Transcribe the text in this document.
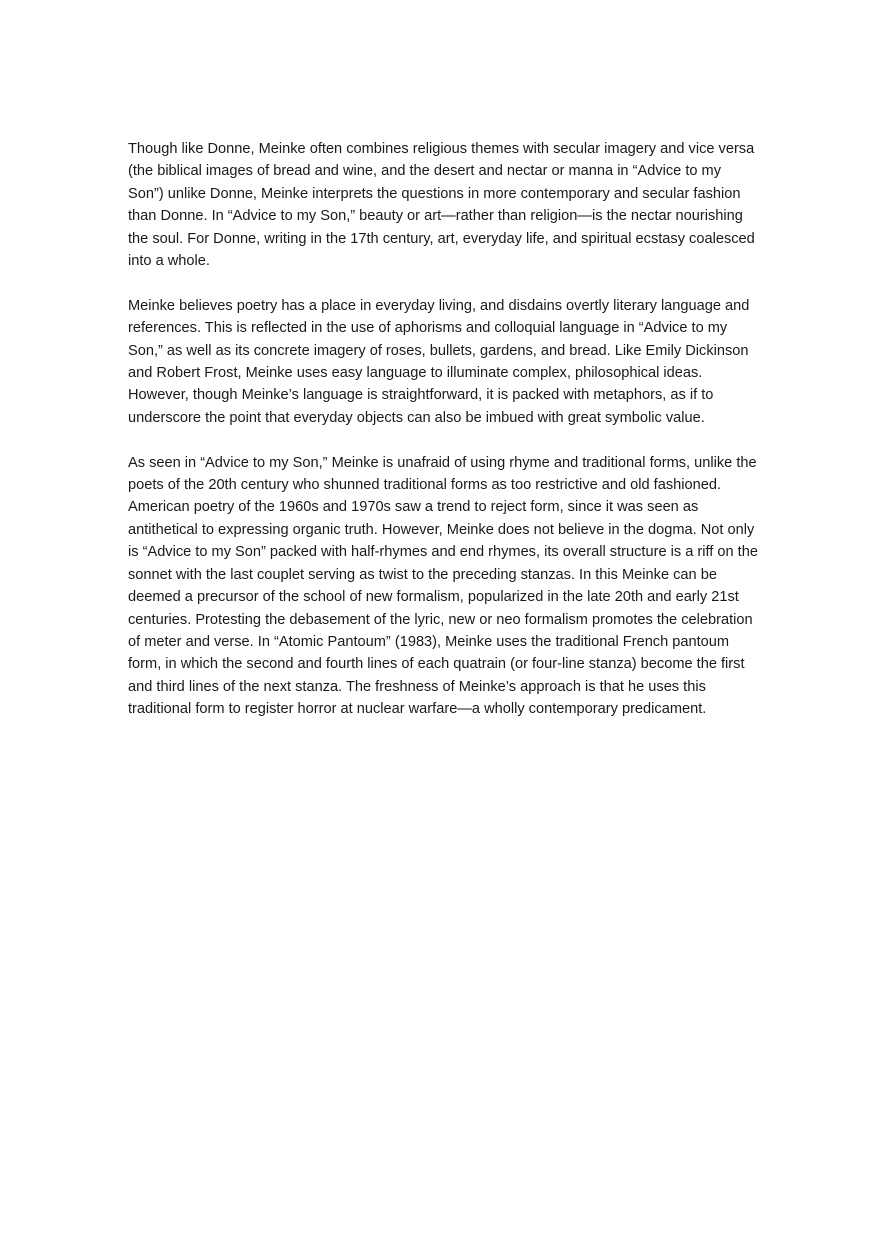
Though like Donne, Meinke often combines religious themes with secular imagery and vice versa (the biblical images of bread and wine, and the desert and nectar or manna in “Advice to my Son”) unlike Donne, Meinke interprets the questions in more contemporary and secular fashion than Donne. In “Advice to my Son,” beauty or art—rather than religion—is the nectar nourishing the soul. For Donne, writing in the 17th century, art, everyday life, and spiritual ecstasy coalesced into a whole.

Meinke believes poetry has a place in everyday living, and disdains overtly literary language and references. This is reflected in the use of aphorisms and colloquial language in “Advice to my Son,” as well as its concrete imagery of roses, bullets, gardens, and bread. Like Emily Dickinson and Robert Frost, Meinke uses easy language to illuminate complex, philosophical ideas. However, though Meinke’s language is straightforward, it is packed with metaphors, as if to underscore the point that everyday objects can also be imbued with great symbolic value.

As seen in “Advice to my Son,” Meinke is unafraid of using rhyme and traditional forms, unlike the poets of the 20th century who shunned traditional forms as too restrictive and old fashioned. American poetry of the 1960s and 1970s saw a trend to reject form, since it was seen as antithetical to expressing organic truth. However, Meinke does not believe in the dogma. Not only is “Advice to my Son” packed with half-rhymes and end rhymes, its overall structure is a riff on the sonnet with the last couplet serving as twist to the preceding stanzas. In this Meinke can be deemed a precursor of the school of new formalism, popularized in the late 20th and early 21st centuries. Protesting the debasement of the lyric, new or neo formalism promotes the celebration of meter and verse. In “Atomic Pantoum” (1983), Meinke uses the traditional French pantoum form, in which the second and fourth lines of each quatrain (or four-line stanza) become the first and third lines of the next stanza. The freshness of Meinke’s approach is that he uses this traditional form to register horror at nuclear warfare—a wholly contemporary predicament.
